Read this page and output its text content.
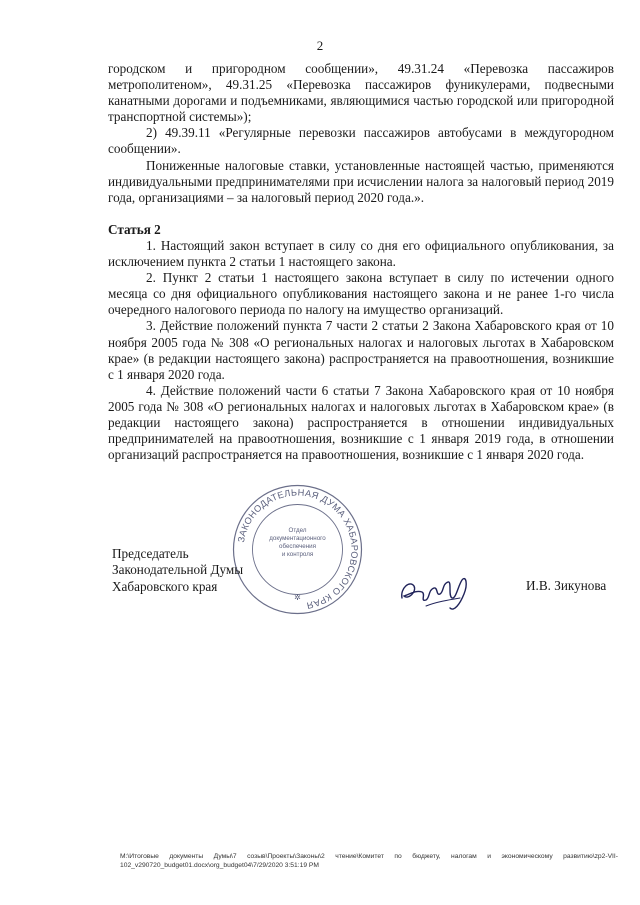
2

городском и пригородном сообщении», 49.31.24 «Перевозка пассажиров метрополитеном», 49.31.25 «Перевозка пассажиров фуникулерами, подвесными канатными дорогами и подъемниками, являющимися частью городской или пригородной транспортной системы»);

2) 49.39.11 «Регулярные перевозки пассажиров автобусами в междугородном сообщении».

Пониженные налоговые ставки, установленные настоящей частью, применяются индивидуальными предпринимателями при исчислении налога за налоговый период 2019 года, организациями – за налоговый период 2020 года.».

Статья 2

1. Настоящий закон вступает в силу со дня его официального опубликования, за исключением пункта 2 статьи 1 настоящего закона.

2. Пункт 2 статьи 1 настоящего закона вступает в силу по истечении одного месяца со дня официального опубликования настоящего закона и не ранее 1-го числа очередного налогового периода по налогу на имущество организаций.

3. Действие положений пункта 7 части 2 статьи 2 Закона Хабаровского края от 10 ноября 2005 года № 308 «О региональных налогах и налоговых льготах в Хабаровском крае» (в редакции настоящего закона) распространяется на правоотношения, возникшие с 1 января 2020 года.

4. Действие положений части 6 статьи 7 Закона Хабаровского края от 10 ноября 2005 года № 308 «О региональных налогах и налоговых льготах в Хабаровском крае» (в редакции настоящего закона) распространяется в отношении индивидуальных предпринимателей на правоотношения, возникшие с 1 января 2019 года, в отношении организаций распространяется на правоотношения, возникшие с 1 января 2020 года.

ЗАКОНОДАТЕЛЬНАЯ ДУМА ХАБАРОВСКОГО КРАЯ
Отдел
документационного
обеспечения
и контроля
✲
Председатель
Законодательной Думы
Хабаровского края	И.В. Зикунова
M:\Итоговые документы Думы\7 созыв\Проекты\Законы\2 чтение\Комитет по бюджету, налогам и экономическому развитию\zp2-VII-102_v290720_budget01.docx\org_budget04\7/29/2020 3:51:19 PM
